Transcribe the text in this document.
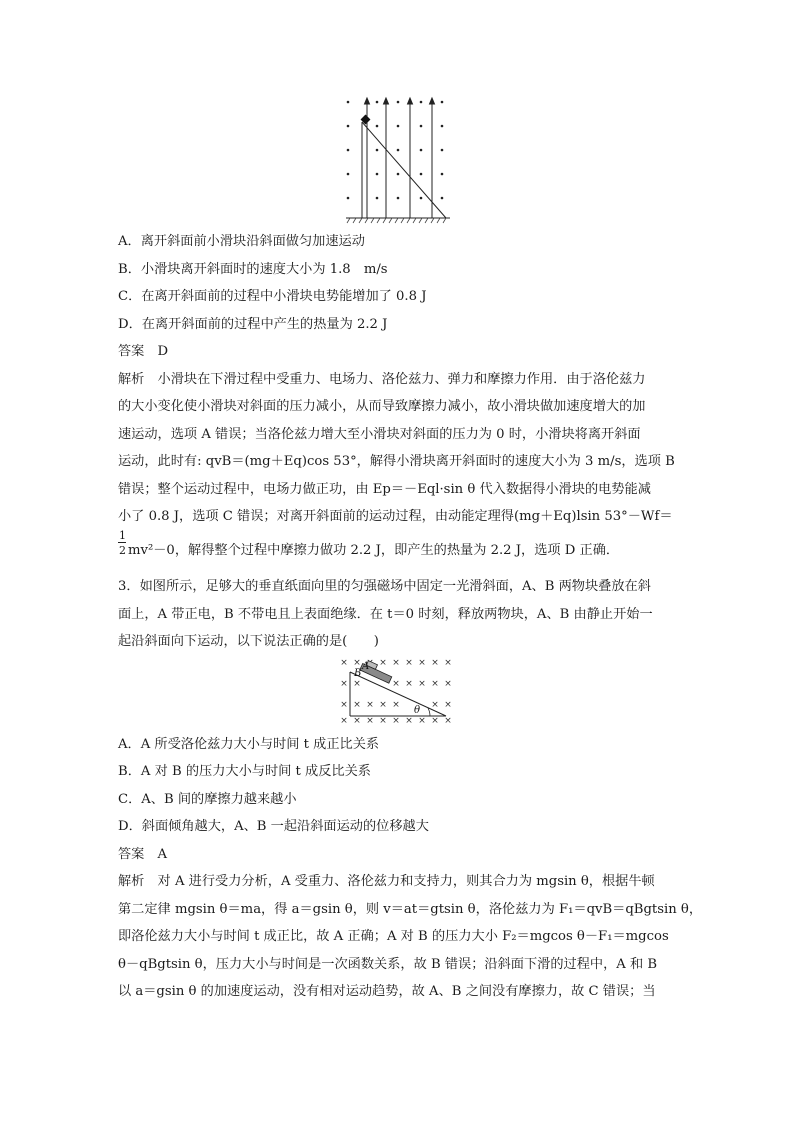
A．离开斜面前小滑块沿斜面做匀加速运动
B．小滑块离开斜面时的速度大小为 1.8　m/s
C．在离开斜面前的过程中小滑块电势能增加了 0.8 J
D．在离开斜面前的过程中产生的热量为 2.2 J
答案　D
解析　小滑块在下滑过程中受重力、电场力、洛伦兹力、弹力和摩擦力作用．由于洛伦兹力
的大小变化使小滑块对斜面的压力减小，从而导致摩擦力减小，故小滑块做加速度增大的加
速运动，选项 A 错误；当洛伦兹力增大至小滑块对斜面的压力为 0 时，小滑块将离开斜面
运动，此时有: qvB＝(mg＋Eq)cos 53°，解得小滑块离开斜面时的速度大小为 3 m/s，选项 B
错误；整个运动过程中，电场力做正功，由 Ep＝－Eql·sin θ 代入数据得小滑块的电势能减
小了 0.8 J，选项 C 错误；对离开斜面前的运动过程，由动能定理得(mg＋Eq)lsin 53°－Wf＝
1
2 mv²－0，解得整个过程中摩擦力做功 2.2 J，即产生的热量为 2.2 J，选项 D 正确．
3．如图所示，足够大的垂直纸面向里的匀强磁场中固定一光滑斜面，A、B 两物块叠放在斜
面上，A 带正电，B 不带电且上表面绝缘．在 t＝0 时刻，释放两物块，A、B 由静止开始一
起沿斜面向下运动，以下说法正确的是(　　)
× × × × × × × ×
× ×	× × × × ×
× × × × ×	× ×
× × × × × × × × ×
B
A
θ
A．A 所受洛伦兹力大小与时间 t 成正比关系
B．A 对 B 的压力大小与时间 t 成反比关系
C．A、B 间的摩擦力越来越小
D．斜面倾角越大，A、B 一起沿斜面运动的位移越大
答案　A
解析　对 A 进行受力分析，A 受重力、洛伦兹力和支持力，则其合力为 mgsin θ，根据牛顿
第二定律 mgsin θ＝ma，得 a＝gsin θ，则 v＝at＝gtsin θ，洛伦兹力为 F₁＝qvB＝qBgtsin θ，
即洛伦兹力大小与时间 t 成正比，故 A 正确；A 对 B 的压力大小 F₂＝mgcos θ－F₁＝mgcos
θ－qBgtsin θ，压力大小与时间是一次函数关系，故 B 错误；沿斜面下滑的过程中，A 和 B
以 a＝gsin θ 的加速度运动，没有相对运动趋势，故 A、B 之间没有摩擦力，故 C 错误；当
